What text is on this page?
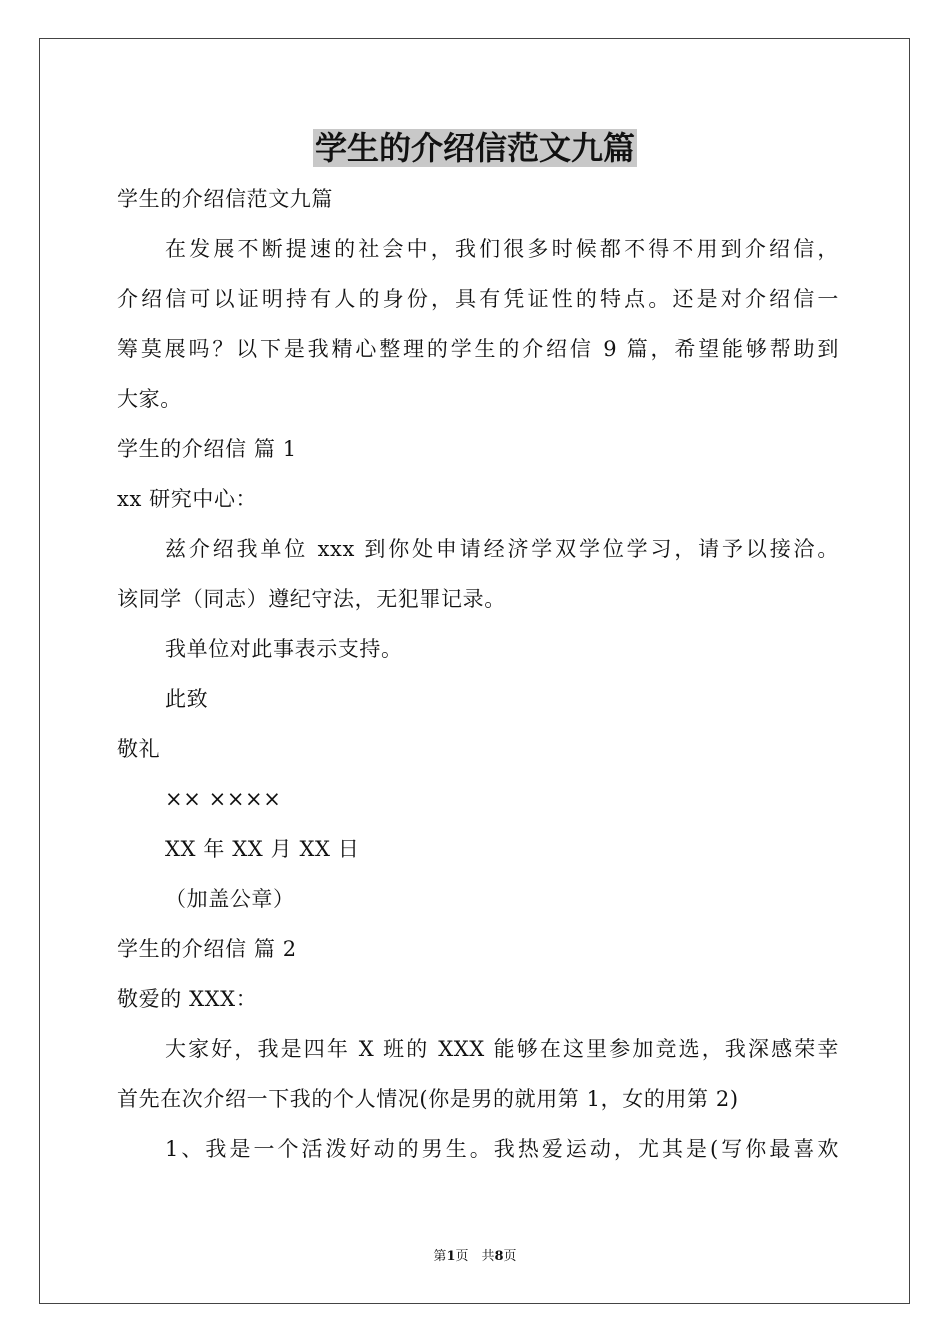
学生的介绍信范文九篇
学生的介绍信范文九篇
在发展不断提速的社会中，我们很多时候都不得不用到介绍信，
介绍信可以证明持有人的身份，具有凭证性的特点。还是对介绍信一
筹莫展吗？以下是我精心整理的学生的介绍信 9 篇，希望能够帮助到
大家。
学生的介绍信 篇 1
xx 研究中心：
兹介绍我单位 xxx 到你处申请经济学双学位学习，请予以接洽。
该同学（同志）遵纪守法，无犯罪记录。
我单位对此事表示支持。
此致
敬礼
×× ××××
XX 年 XX 月 XX 日
（加盖公章）
学生的介绍信 篇 2
敬爱的 XXX：
大家好，我是四年 X 班的 XXX 能够在这里参加竞选，我深感荣幸
首先在次介绍一下我的个人情况(你是男的就用第 1，女的用第 2)
1、我是一个活泼好动的男生。我热爱运动，尤其是(写你最喜欢
第1页　共8页
